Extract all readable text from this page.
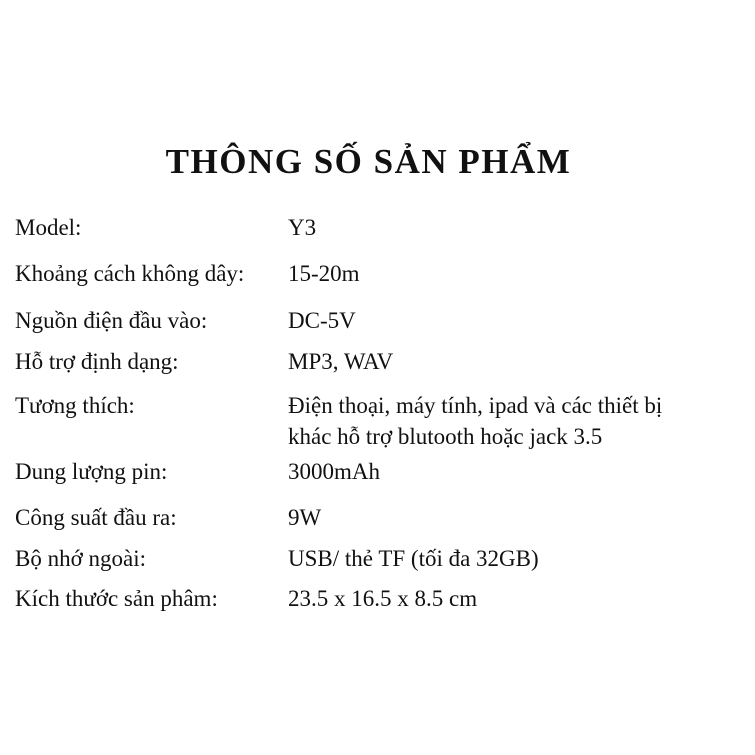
THÔNG SỐ SẢN PHẨM
Model:	Y3
Khoảng cách không dây: 15-20m
Nguồn điện đầu vào:	DC-5V
Hỗ trợ định dạng:	MP3, WAV
Tương thích:	Điện thoại, máy tính, ipad và các thiết bị
khác hỗ trợ blutooth hoặc jack 3.5
Dung lượng pin:	3000mAh
Công suất đầu ra:	9W
Bộ nhớ ngoài:	USB/ thẻ TF (tối đa 32GB)
Kích thước sản phâm:	23.5 x 16.5 x 8.5 cm
